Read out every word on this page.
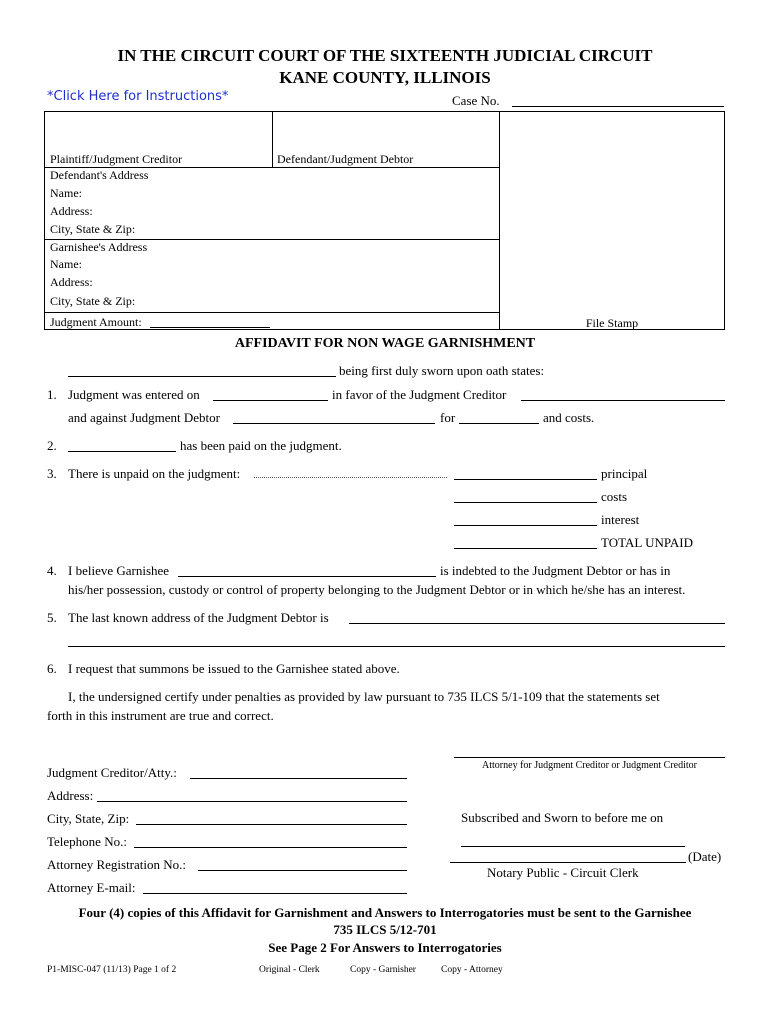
IN THE CIRCUIT COURT OF THE SIXTEENTH JUDICIAL CIRCUIT
KANE COUNTY, ILLINOIS
*Click Here for Instructions*	Case No.
Plaintiff/Judgment Creditor	Defendant/Judgment Debtor
Defendant's Address
Name:
Address:
City, State & Zip:
Garnishee's Address
Name:
Address:
City, State & Zip:
Judgment Amount:	File Stamp
AFFIDAVIT FOR NON WAGE GARNISHMENT
being first duly sworn upon oath states:
1. Judgment was entered on	in favor of the Judgment Creditor
and against Judgment Debtor	for	and costs.
2.	has been paid on the judgment.
3. There is unpaid on the judgment:	principal
costs
interest
TOTAL UNPAID
4. I believe Garnishee	is indebted to the Judgment Debtor or has in
his/her possession, custody or control of property belonging to the Judgment Debtor or in which he/she has an interest.
5. The last known address of the Judgment Debtor is
6. I request that summons be issued to the Garnishee stated above.
I, the undersigned certify under penalties as provided by law pursuant to 735 ILCS 5/1-109 that the statements set
forth in this instrument are true and correct.
Attorney for Judgment Creditor or Judgment Creditor
Judgment Creditor/Atty.:
Address:
City, State, Zip:
Telephone No.:
Attorney Registration No.:
Attorney E-mail:
Subscribed and Sworn to before me on
(Date)
Notary Public - Circuit Clerk
Four (4) copies of this Affidavit for Garnishment and Answers to Interrogatories must be sent to the Garnishee
735 ILCS 5/12-701
See Page 2 For Answers to Interrogatories
P1-MISC-047 (11/13) Page 1 of 2	Original - Clerk	Copy - Garnisher	Copy - Attorney
